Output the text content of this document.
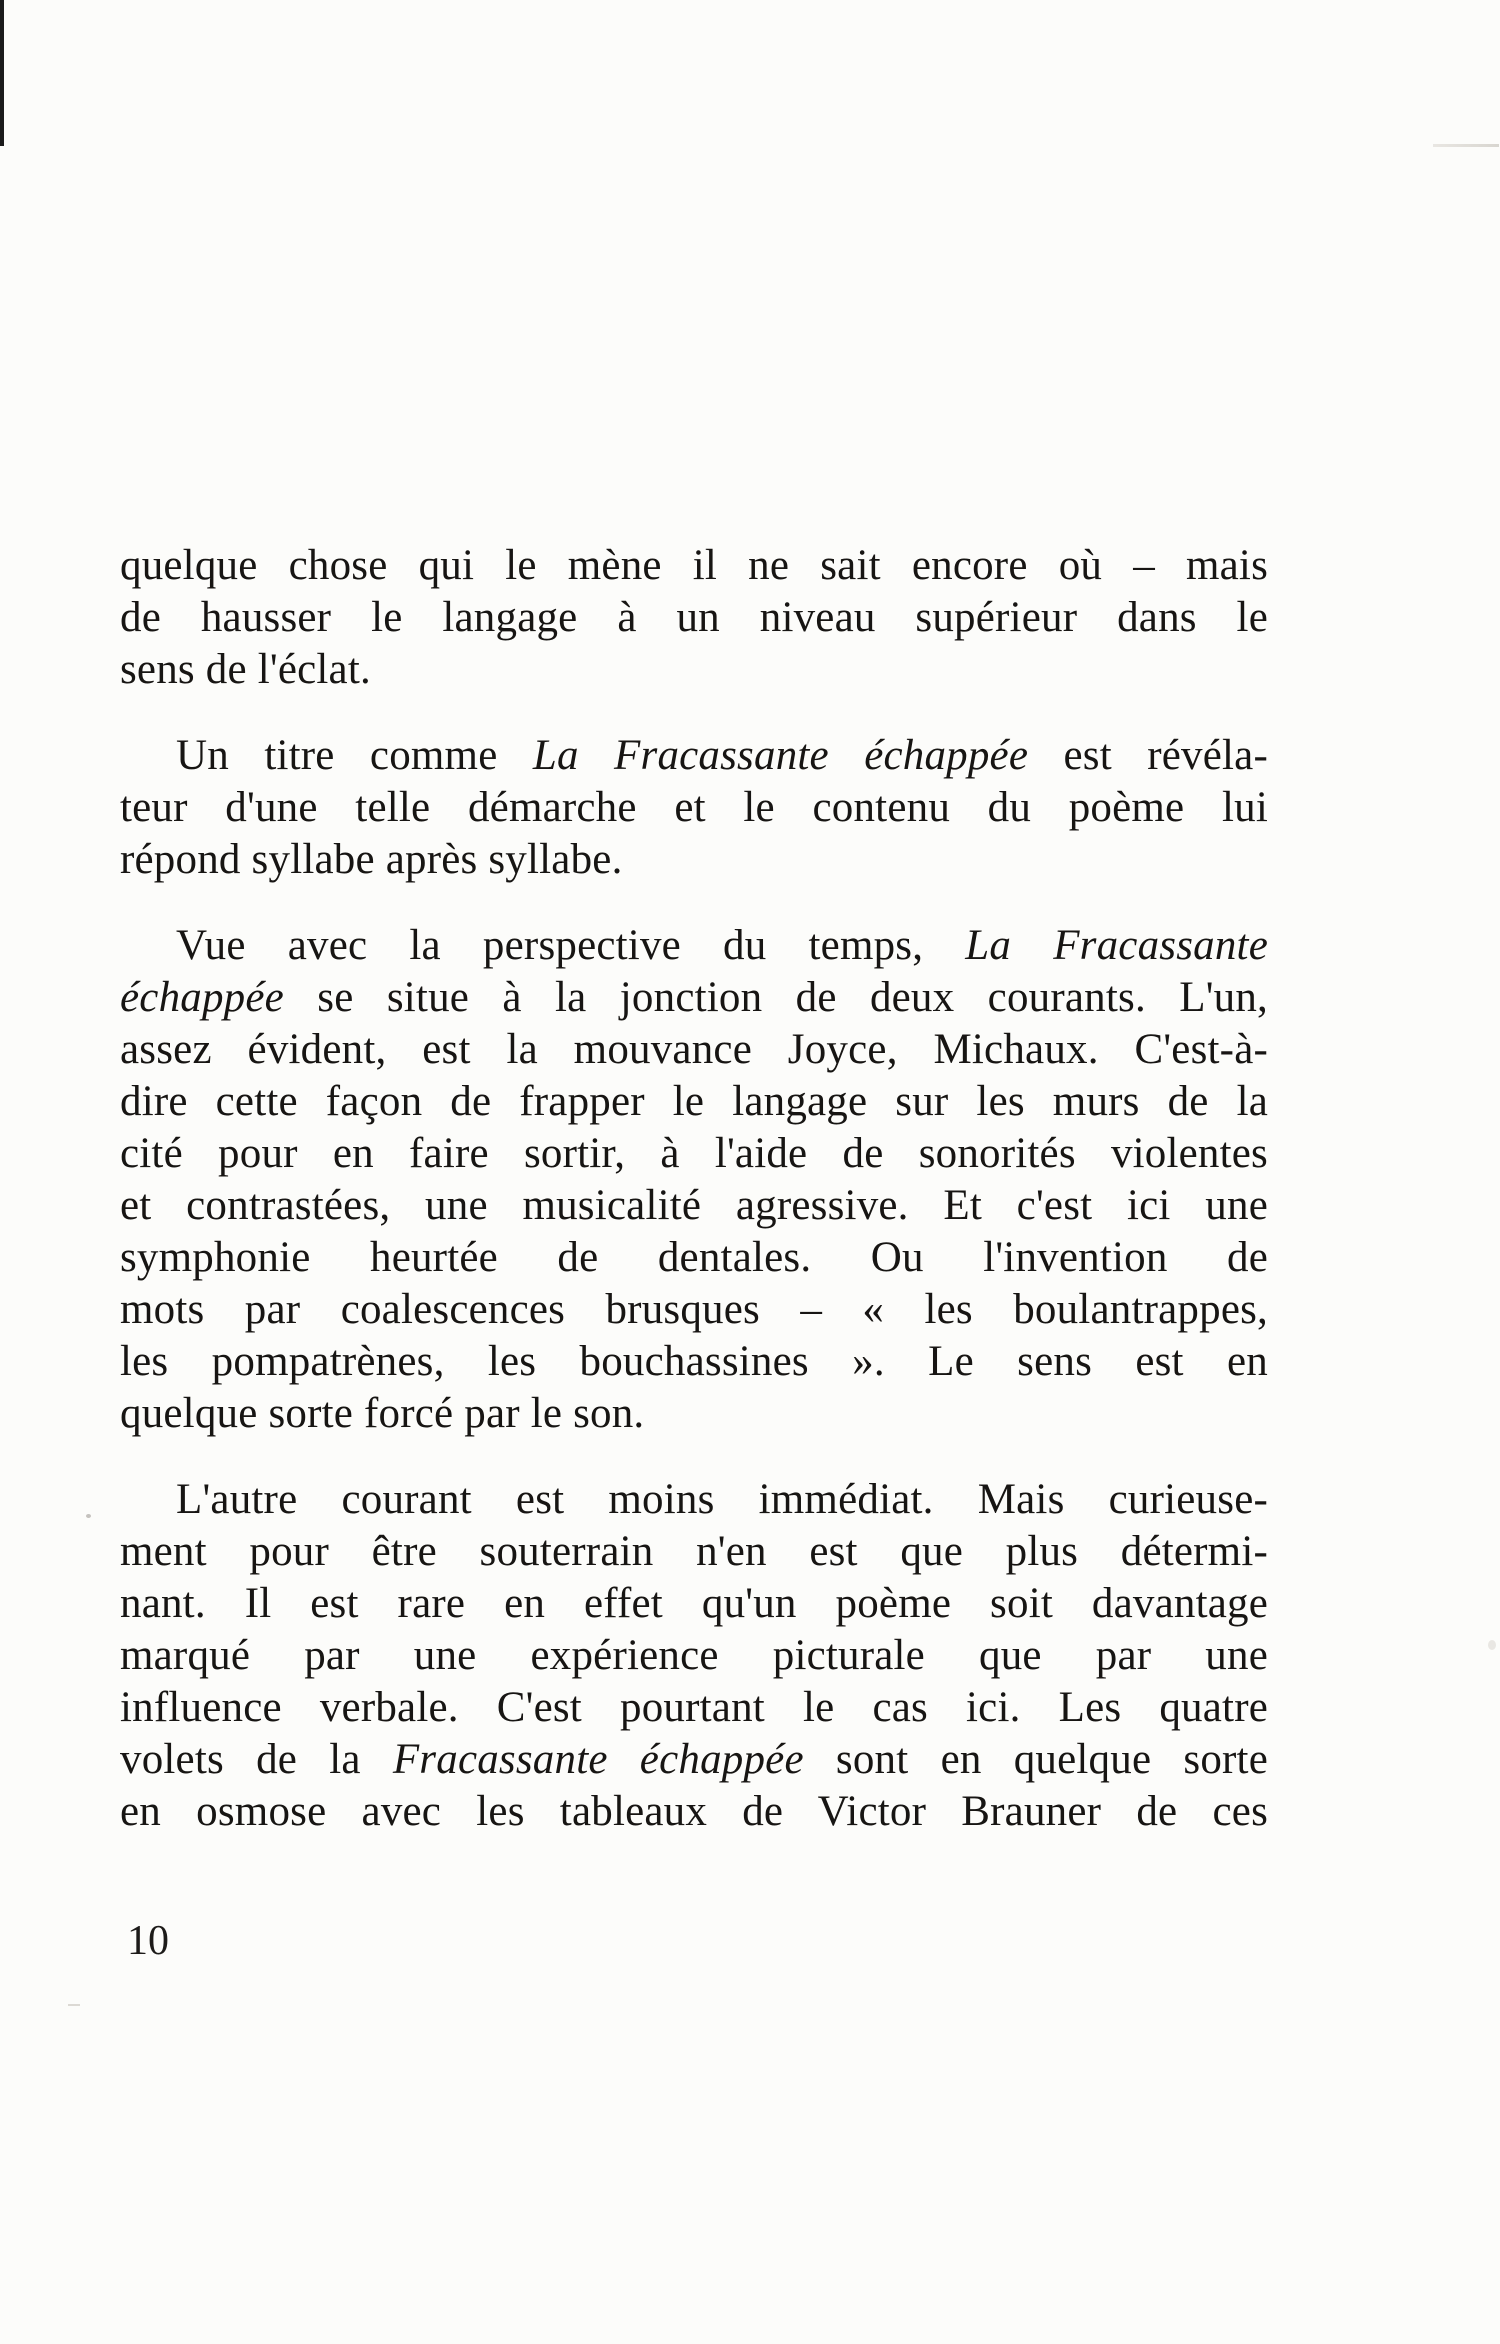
quelque chose qui le mène il ne sait encore où – mais
de hausser le langage à un niveau supérieur dans le
sens de l'éclat.
Un titre comme La Fracassante échappée est révéla-
teur d'une telle démarche et le contenu du poème lui
répond syllabe après syllabe.
Vue avec la perspective du temps, La Fracassante
échappée se situe à la jonction de deux courants. L'un,
assez évident, est la mouvance Joyce, Michaux. C'est-à-
dire cette façon de frapper le langage sur les murs de la
cité pour en faire sortir, à l'aide de sonorités violentes
et contrastées, une musicalité agressive. Et c'est ici une
symphonie heurtée de dentales. Ou l'invention de
mots par coalescences brusques – « les boulantrappes,
les pompatrènes, les bouchassines ». Le sens est en
quelque sorte forcé par le son.
L'autre courant est moins immédiat. Mais curieuse-
ment pour être souterrain n'en est que plus détermi-
nant. Il est rare en effet qu'un poème soit davantage
marqué par une expérience picturale que par une
influence verbale. C'est pourtant le cas ici. Les quatre
volets de la Fracassante échappée sont en quelque sorte
en osmose avec les tableaux de Victor Brauner de ces
10
